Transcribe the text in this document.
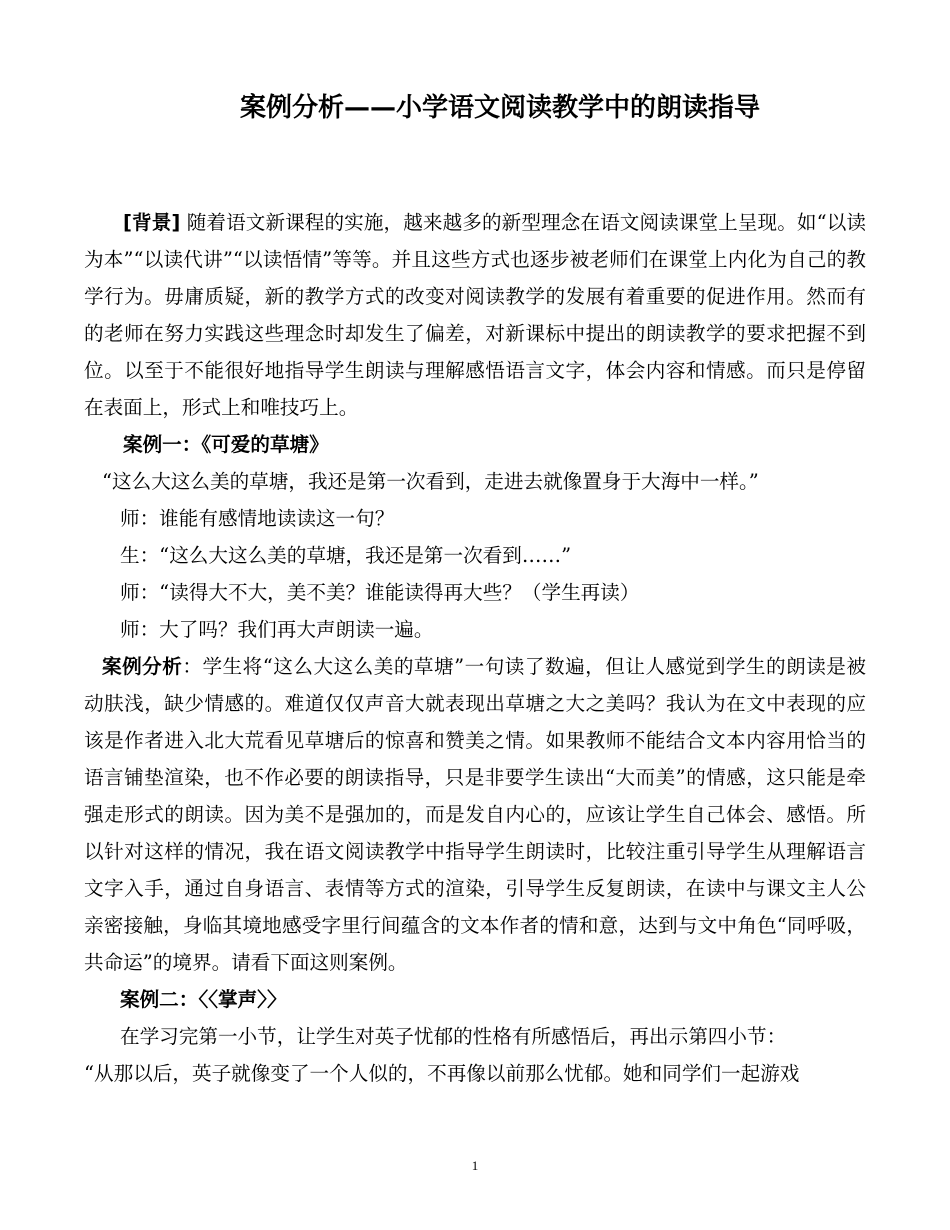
案例分析——小学语文阅读教学中的朗读指导

[背景] 随着语文新课程的实施，越来越多的新型理念在语文阅读课堂上呈现。如“以读为本”“以读代讲”“以读悟情”等等。并且这些方式也逐步被老师们在课堂上内化为自己的教学行为。毋庸质疑，新的教学方式的改变对阅读教学的发展有着重要的促进作用。然而有的老师在努力实践这些理念时却发生了偏差，对新课标中提出的朗读教学的要求把握不到位。以至于不能很好地指导学生朗读与理解感悟语言文字，体会内容和情感。而只是停留在表面上，形式上和唯技巧上。

案例一：《可爱的草塘》

“这么大这么美的草塘，我还是第一次看到，走进去就像置身于大海中一样。”

师：谁能有感情地读读这一句？

生：“这么大这么美的草塘，我还是第一次看到……”

师：“读得大不大，美不美？谁能读得再大些？（学生再读）

师：大了吗？我们再大声朗读一遍。

案例分析：学生将“这么大这么美的草塘”一句读了数遍，但让人感觉到学生的朗读是被动肤浅，缺少情感的。难道仅仅声音大就表现出草塘之大之美吗？我认为在文中表现的应该是作者进入北大荒看见草塘后的惊喜和赞美之情。如果教师不能结合文本内容用恰当的语言铺垫渲染，也不作必要的朗读指导，只是非要学生读出“大而美”的情感，这只能是牵强走形式的朗读。因为美不是强加的，而是发自内心的，应该让学生自己体会、感悟。所以针对这样的情况，我在语文阅读教学中指导学生朗读时，比较注重引导学生从理解语言文字入手，通过自身语言、表情等方式的渲染，引导学生反复朗读，在读中与课文主人公亲密接触，身临其境地感受字里行间蕴含的文本作者的情和意，达到与文中角色“同呼吸，共命运”的境界。请看下面这则案例。

案例二：〈〈掌声〉〉

在学习完第一小节，让学生对英子忧郁的性格有所感悟后，再出示第四小节：

“从那以后，英子就像变了一个人似的，不再像以前那么忧郁。她和同学们一起游戏

1
